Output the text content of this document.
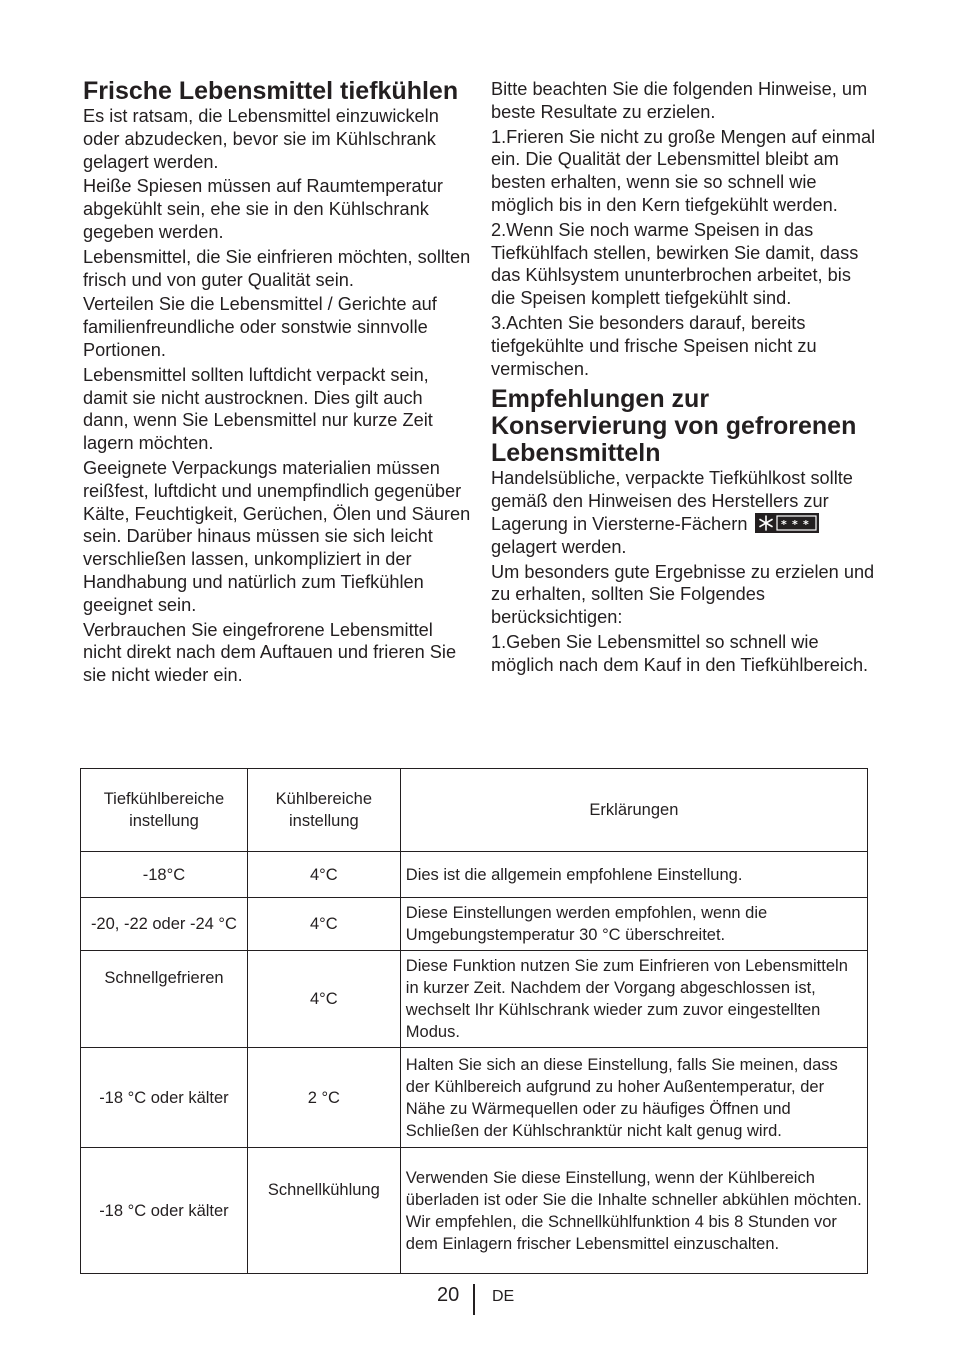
Frische Lebensmittel tiefkühlen

Es ist ratsam, die Lebensmittel einzuwickeln oder abzudecken, bevor sie im Kühlschrank gelagert werden.

Heiße Spiesen müssen auf Raumtemperatur abgekühlt sein, ehe sie in den Kühlschrank gegeben werden.

Lebensmittel, die Sie einfrieren möchten, sollten frisch und von guter Qualität sein.

Verteilen Sie die Lebensmittel / Gerichte auf familienfreundliche oder sonstwie sinnvolle Portionen.

Lebensmittel sollten luftdicht verpackt sein, damit sie nicht austrocknen. Dies gilt auch dann, wenn Sie Lebensmittel nur kurze Zeit lagern möchten.

Geeignete Verpackungs materialien müssen reißfest, luftdicht und unempfindlich gegenüber Kälte, Feuchtigkeit, Gerüchen, Ölen und Säuren sein. Darüber hinaus müssen sie sich leicht verschließen lassen, unkompliziert in der Handhabung und natürlich zum Tiefkühlen geeignet sein.

Verbrauchen Sie eingefrorene Lebensmittel nicht direkt nach dem Auftauen und frieren Sie sie nicht wieder ein.

Bitte beachten Sie die folgenden Hinweise, um beste Resultate zu erzielen.

1.Frieren Sie nicht zu große Mengen auf einmal ein. Die Qualität der Lebensmittel bleibt am besten erhalten, wenn sie so schnell wie möglich bis in den Kern tiefgekühlt werden.

2.Wenn Sie noch warme Speisen in das Tiefkühlfach stellen, bewirken Sie damit, dass das Kühlsystem ununterbrochen arbeitet, bis die Speisen komplett tiefgekühlt sind.

3.Achten Sie besonders darauf, bereits tiefgekühlte und frische Speisen nicht zu vermischen.

Empfehlungen zur Konservierung von gefrorenen Lebensmitteln

Handelsübliche, verpackte Tiefkühlkost sollte gemäß den Hinweisen des Herstellers zur Lagerung in Viersterne-Fächern	* * *
gelagert werden.

Um besonders gute Ergebnisse zu erzielen und zu erhalten, sollten Sie Folgendes berücksichtigen:

1.Geben Sie Lebensmittel so schnell wie möglich nach dem Kauf in den Tiefkühlbereich.

Tiefkühlbereiche instellung	Kühlbereiche instellung	Erklärungen
-18°C	4°C	Dies ist die allgemein empfohlene Einstellung.
-20, -22 oder -24 °C	4°C	Diese Einstellungen werden empfohlen, wenn die Umgebungstemperatur 30 °C überschreitet.
Schnellgefrieren	4°C	Diese Funktion nutzen Sie zum Einfrieren von Lebensmitteln in kurzer Zeit. Nachdem der Vorgang abgeschlossen ist, wechselt Ihr Kühlschrank wieder zum zuvor eingestellten Modus.
-18 °C oder kälter	2 °C	Halten Sie sich an diese Einstellung, falls Sie meinen, dass der Kühlbereich aufgrund zu hoher Außentemperatur, der Nähe zu Wärmequellen oder zu häufiges Öffnen und Schließen der Kühlschranktür nicht kalt genug wird.
-18 °C oder kälter	Schnellkühlung	Verwenden Sie diese Einstellung, wenn der Kühlbereich überladen ist oder Sie die Inhalte schneller abkühlen möchten. Wir empfehlen, die Schnellkühlfunktion 4 bis 8 Stunden vor dem Einlagern frischer Lebensmittel einzuschalten.
20 DE
